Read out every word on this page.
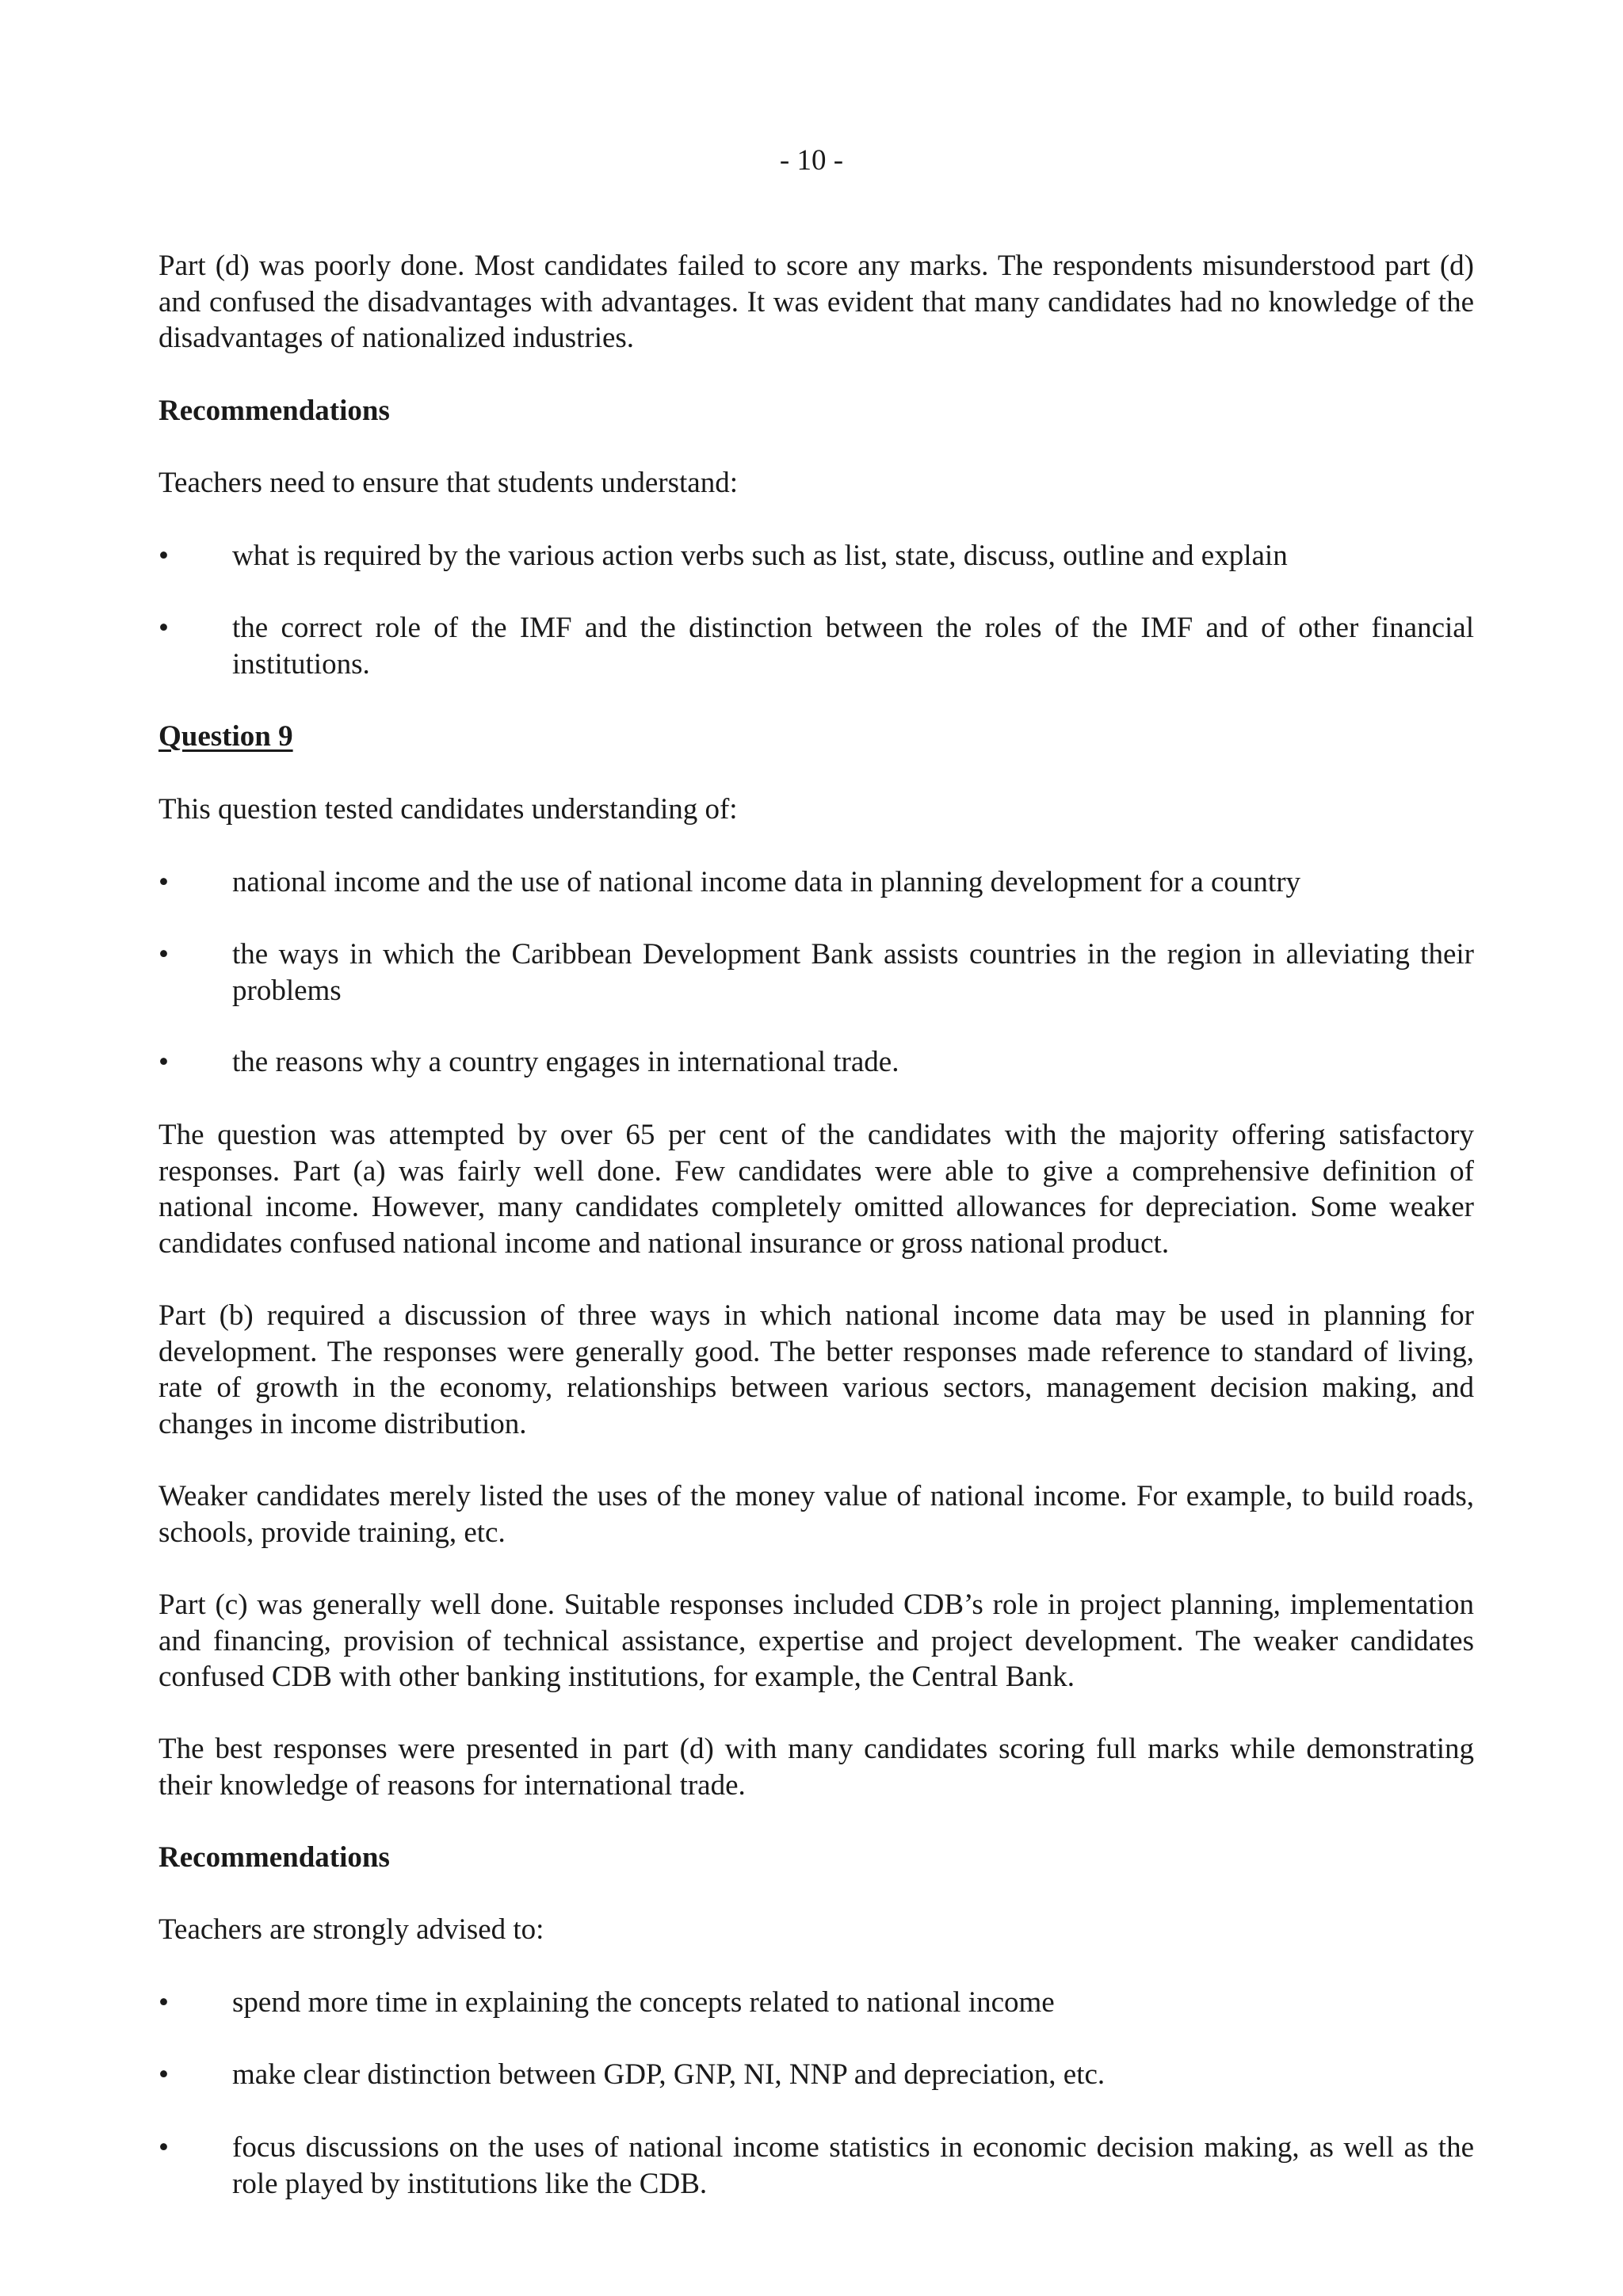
- 10 -

Part (d) was poorly done. Most candidates failed to score any marks. The respondents misunderstood part (d) and confused the disadvantages with advantages. It was evident that many candidates had no knowledge of the disadvantages of nationalized industries.

Recommendations

Teachers need to ensure that students understand:

• what is required by the various action verbs such as list, state, discuss, outline and explain
• the correct role of the IMF and the distinction between the roles of the IMF and of other financial institutions.

Question 9

This question tested candidates understanding of:

• national income and the use of national income data in planning development for a country
• the ways in which the Caribbean Development Bank assists countries in the region in alleviating their problems
• the reasons why a country engages in international trade.

The question was attempted by over 65 per cent of the candidates with the majority offering satisfactory responses. Part (a) was fairly well done. Few candidates were able to give a comprehensive definition of national income. However, many candidates completely omitted allowances for depreciation. Some weaker candidates confused national income and national insurance or gross national product.

Part (b) required a discussion of three ways in which national income data may be used in planning for development. The responses were generally good. The better responses made reference to standard of living, rate of growth in the economy, relationships between various sectors, management decision making, and changes in income distribution.

Weaker candidates merely listed the uses of the money value of national income. For example, to build roads, schools, provide training, etc.

Part (c) was generally well done. Suitable responses included CDB’s role in project planning, implementation and financing, provision of technical assistance, expertise and project development. The weaker candidates confused CDB with other banking institutions, for example, the Central Bank.

The best responses were presented in part (d) with many candidates scoring full marks while demonstrating their knowledge of reasons for international trade.

Recommendations

Teachers are strongly advised to:

• spend more time in explaining the concepts related to national income
• make clear distinction between GDP, GNP, NI, NNP and depreciation, etc.
• focus discussions on the uses of national income statistics in economic decision making, as well as the role played by institutions like the CDB.
